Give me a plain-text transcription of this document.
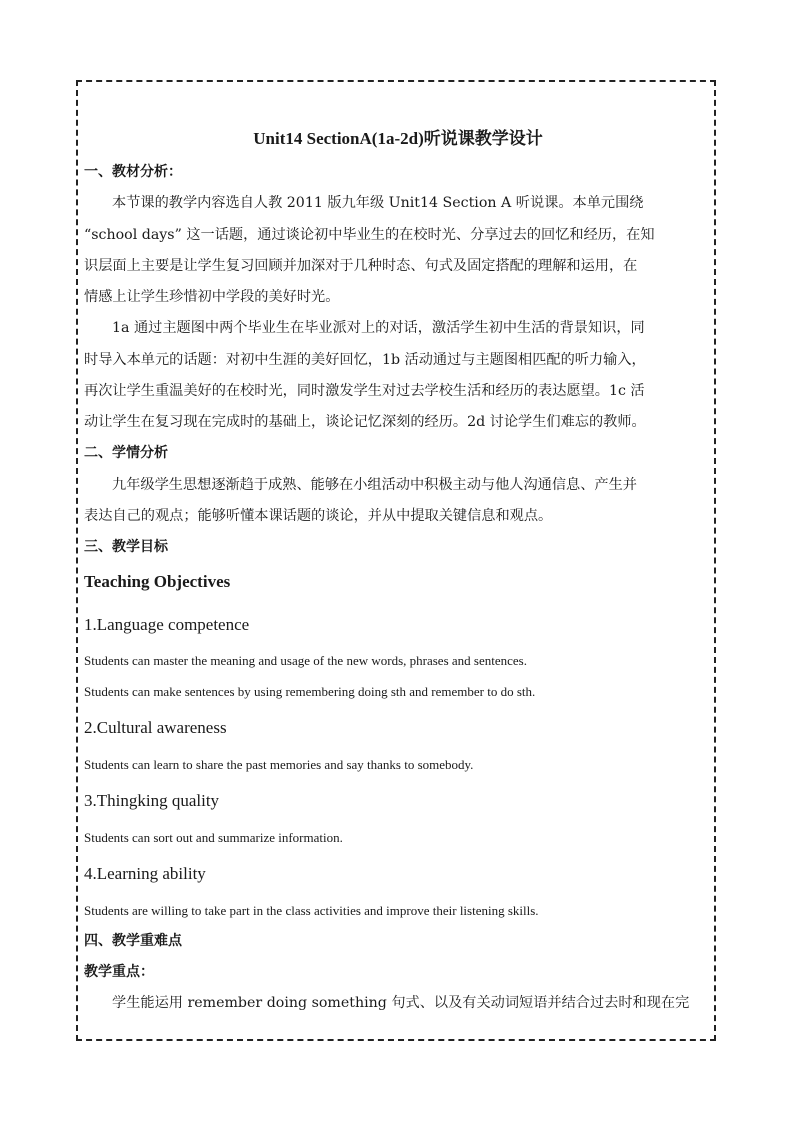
Unit14 SectionA(1a-2d)听说课教学设计
一、教材分析：
本节课的教学内容选自人教 2011 版九年级 Unit14 Section A 听说课。本单元围绕
“school days” 这一话题，通过谈论初中毕业生的在校时光、分享过去的回忆和经历，在知
识层面上主要是让学生复习回顾并加深对于几种时态、句式及固定搭配的理解和运用，在
情感上让学生珍惜初中学段的美好时光。
1a 通过主题图中两个毕业生在毕业派对上的对话，激活学生初中生活的背景知识，同
时导入本单元的话题：对初中生涯的美好回忆，1b 活动通过与主题图相匹配的听力输入，
再次让学生重温美好的在校时光，同时激发学生对过去学校生活和经历的表达愿望。1c 活
动让学生在复习现在完成时的基础上，谈论记忆深刻的经历。2d 讨论学生们难忘的教师。
二、学情分析
九年级学生思想逐渐趋于成熟、能够在小组活动中积极主动与他人沟通信息、产生并
表达自己的观点；能够听懂本课话题的谈论，并从中提取关键信息和观点。
三、教学目标
Teaching Objectives
1.Language competence
Students can master the meaning and usage of the new words, phrases and sentences.
Students can make sentences by using remembering doing sth and remember to do sth.
2.Cultural awareness
Students can learn to share the past memories and say thanks to somebody.
3.Thingking quality
Students can sort out and summarize information.
4.Learning ability
Students are willing to take part in the class activities and improve their listening skills.
四、教学重难点
教学重点：
学生能运用 remember doing something 句式、以及有关动词短语并结合过去时和现在完
